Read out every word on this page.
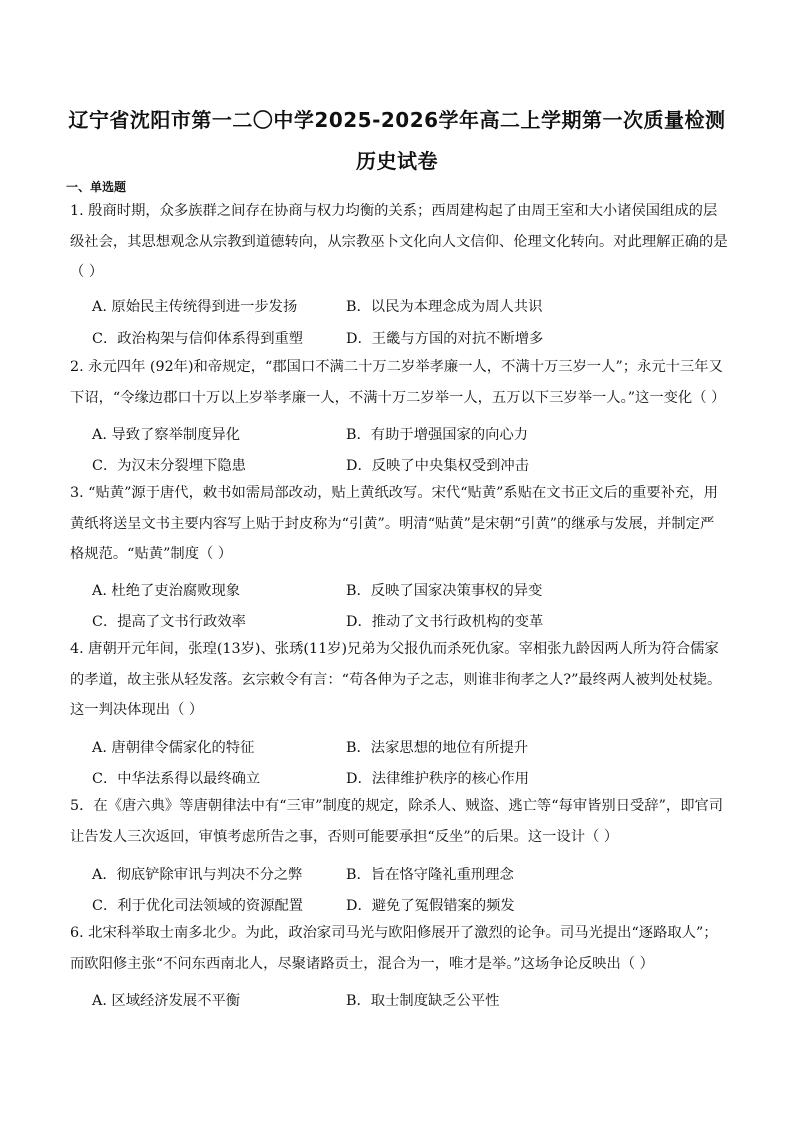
辽宁省沈阳市第一二〇中学2025-2026学年高二上学期第一次质量检测
历史试卷
一、单选题
1. 殷商时期，众多族群之间存在协商与权力均衡的关系；西周建构起了由周王室和大小诸侯国组成的层级社会，其思想观念从宗教到道德转向，从宗教巫卜文化向人文信仰、伦理文化转向。对此理解正确的是（ ）
A. 原始民主传统得到进一步发扬	B．以民为本理念成为周人共识
C．政治构架与信仰体系得到重塑	D．王畿与方国的对抗不断增多
2. 永元四年 (92年)和帝规定，“郡国口不满二十万二岁举孝廉一人，不满十万三岁一人”；永元十三年又下诏，“令缘边郡口十万以上岁举孝廉一人，不满十万二岁举一人，五万以下三岁举一人。”这一变化（ ）
A. 导致了察举制度异化	B．有助于增强国家的向心力
C．为汉末分裂埋下隐患	D．反映了中央集权受到冲击
3. “贴黄”源于唐代，敕书如需局部改动，贴上黄纸改写。宋代“贴黄”系贴在文书正文后的重要补充，用黄纸将送呈文书主要内容写上贴于封皮称为“引黄”。明清“贴黄”是宋朝“引黄”的继承与发展，并制定严格规范。“贴黄”制度（ ）
A. 杜绝了吏治腐败现象	B．反映了国家决策事权的异变
C．提高了文书行政效率	D．推动了文书行政机构的变革
4. 唐朝开元年间，张瑝(13岁)、张琇(11岁)兄弟为父报仇而杀死仇家。宰相张九龄因两人所为符合儒家的孝道，故主张从轻发落。玄宗敕令有言：“苟各伸为子之志，则谁非徇孝之人?”最终两人被判处杖毙。这一判决体现出（ ）
A. 唐朝律令儒家化的特征	B．法家思想的地位有所提升
C．中华法系得以最终确立	D．法律维护秩序的核心作用
5．在《唐六典》等唐朝律法中有“三审”制度的规定，除杀人、贼盗、逃亡等“每审皆别日受辞”，即官司让告发人三次返回，审慎考虑所告之事，否则可能要承担“反坐”的后果。这一设计（ ）
A．彻底铲除审讯与判决不分之弊	B．旨在恪守隆礼重刑理念
C．利于优化司法领域的资源配置	D．避免了冤假错案的频发
6. 北宋科举取士南多北少。为此，政治家司马光与欧阳修展开了激烈的论争。司马光提出“逐路取人”；而欧阳修主张“不问东西南北人，尽聚诸路贡士，混合为一，唯才是举。”这场争论反映出（ ）
A. 区域经济发展不平衡	B．取士制度缺乏公平性
